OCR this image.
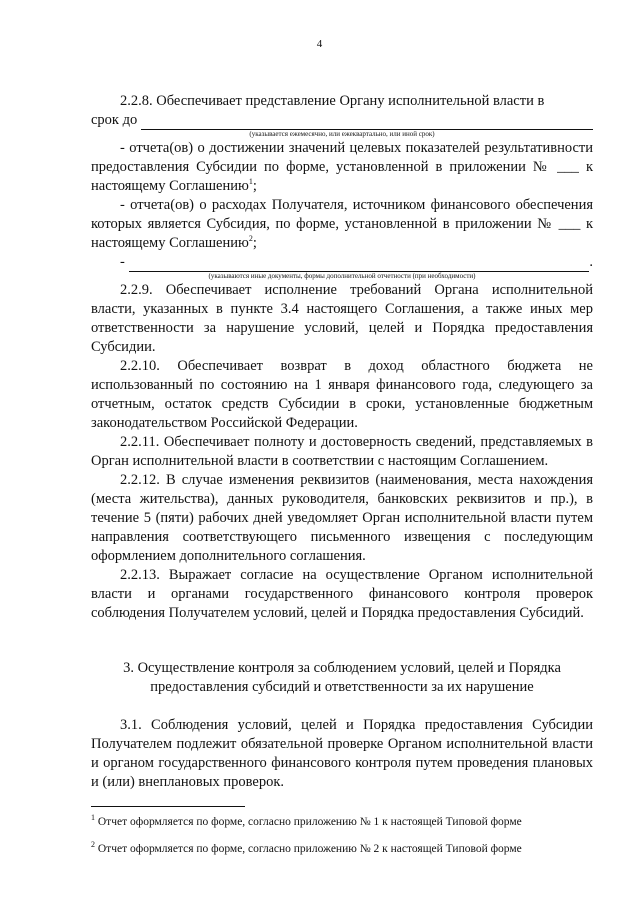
4

2.2.8. Обеспечивает представление Органу исполнительной власти в

срок до

(указывается ежемесячно, или ежеквартально, или иной срок)

- отчета(ов) о достижении значений целевых показателей результативности предоставления Субсидии по форме, установленной в приложении № ___ к настоящему Соглашению$^1$;

- отчета(ов) о расходах Получателя, источником финансового обеспечения которых является Субсидия, по форме, установленной в приложении № ___ к настоящему Соглашению$^2$;

-	.

(указываются иные документы, формы дополнительной отчетности (при необходимости)

2.2.9. Обеспечивает исполнение требований Органа исполнительной власти, указанных в пункте 3.4 настоящего Соглашения, а также иных мер ответственности за нарушение условий, целей и Порядка предоставления Субсидии.

2.2.10. Обеспечивает возврат в доход областного бюджета не использованный по состоянию на 1 января финансового года, следующего за отчетным, остаток средств Субсидии в сроки, установленные бюджетным законодательством Российской Федерации.

2.2.11. Обеспечивает полноту и достоверность сведений, представляемых в Орган исполнительной власти в соответствии с настоящим Соглашением.

2.2.12. В случае изменения реквизитов (наименования, места нахождения (места жительства), данных руководителя, банковских реквизитов и пр.), в течение 5 (пяти) рабочих дней уведомляет Орган исполнительной власти путем направления соответствующего письменного извещения с последующим оформлением дополнительного соглашения.

2.2.13. Выражает согласие на осуществление Органом исполнительной власти и органами государственного финансового контроля проверок соблюдения Получателем условий, целей и Порядка предоставления Субсидий.

3. Осуществление контроля за соблюдением условий, целей и Порядка

предоставления субсидий и ответственности за их нарушение

3.1. Соблюдения условий, целей и Порядка предоставления Субсидии Получателем подлежит обязательной проверке Органом исполнительной власти и органом государственного финансового контроля путем проведения плановых и (или) внеплановых проверок.

$^1$ Отчет оформляется по форме, согласно приложению № 1 к настоящей Типовой форме
$^2$ Отчет оформляется по форме, согласно приложению № 2 к настоящей Типовой форме
